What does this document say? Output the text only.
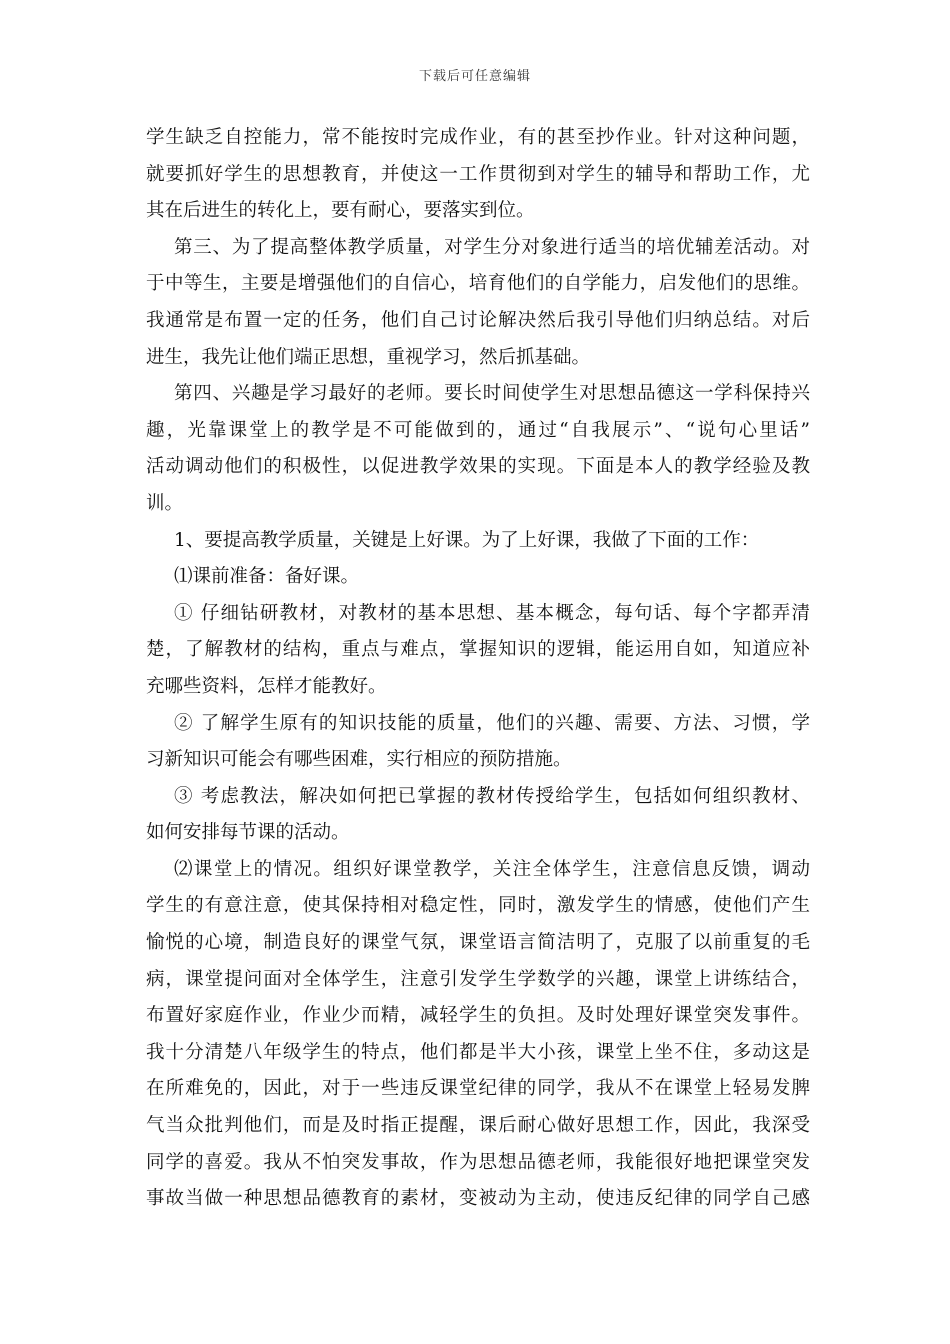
下载后可任意编辑
学生缺乏自控能力，常不能按时完成作业，有的甚至抄作业。针对这种问题，
就要抓好学生的思想教育，并使这一工作贯彻到对学生的辅导和帮助工作，尤
其在后进生的转化上，要有耐心，要落实到位。
第三、为了提高整体教学质量，对学生分对象进行适当的培优辅差活动。对
于中等生，主要是增强他们的自信心，培育他们的自学能力，启发他们的思维。
我通常是布置一定的任务，他们自己讨论解决然后我引导他们归纳总结。对后
进生，我先让他们端正思想，重视学习，然后抓基础。
第四、兴趣是学习最好的老师。要长时间使学生对思想品德这一学科保持兴
趣，光靠课堂上的教学是不可能做到的，通过“自我展示”、“说句心里话”
活动调动他们的积极性，以促进教学效果的实现。下面是本人的教学经验及教
训。
1、要提高教学质量，关键是上好课。为了上好课，我做了下面的工作：
⑴课前准备：备好课。
① 仔细钻研教材，对教材的基本思想、基本概念，每句话、每个字都弄清
楚，了解教材的结构，重点与难点，掌握知识的逻辑，能运用自如，知道应补
充哪些资料，怎样才能教好。
② 了解学生原有的知识技能的质量，他们的兴趣、需要、方法、习惯，学
习新知识可能会有哪些困难，实行相应的预防措施。
③ 考虑教法，解决如何把已掌握的教材传授给学生，包括如何组织教材、
如何安排每节课的活动。
⑵课堂上的情况。组织好课堂教学，关注全体学生，注意信息反馈，调动
学生的有意注意，使其保持相对稳定性，同时，激发学生的情感，使他们产生
愉悦的心境，制造良好的课堂气氛，课堂语言简洁明了，克服了以前重复的毛
病，课堂提问面对全体学生，注意引发学生学数学的兴趣，课堂上讲练结合，
布置好家庭作业，作业少而精，减轻学生的负担。及时处理好课堂突发事件。
我十分清楚八年级学生的特点，他们都是半大小孩，课堂上坐不住，多动这是
在所难免的，因此，对于一些违反课堂纪律的同学，我从不在课堂上轻易发脾
气当众批判他们，而是及时指正提醒，课后耐心做好思想工作，因此，我深受
同学的喜爱。我从不怕突发事故，作为思想品德老师，我能很好地把课堂突发
事故当做一种思想品德教育的素材，变被动为主动，使违反纪律的同学自己感
